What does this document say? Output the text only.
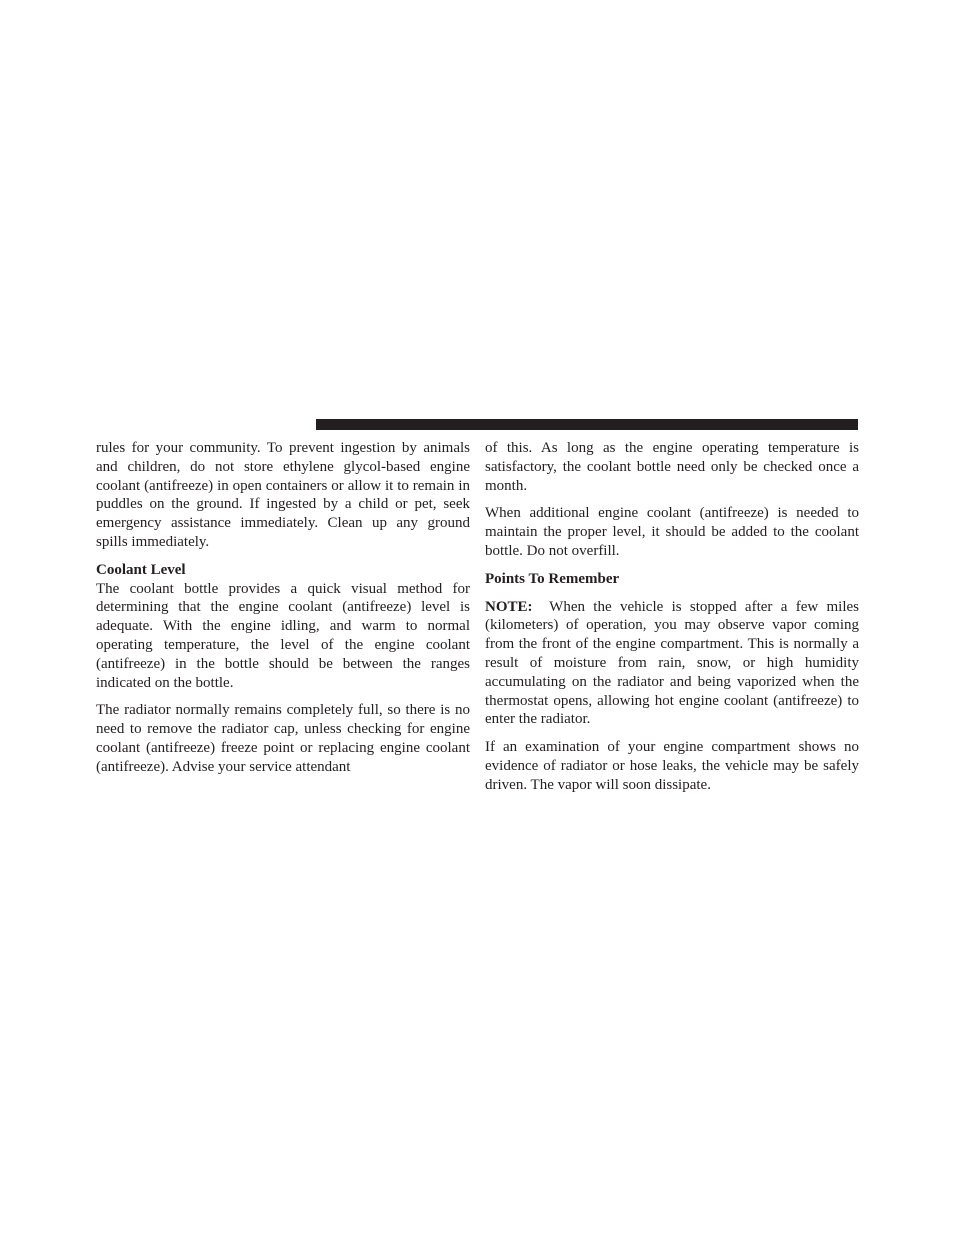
rules for your community. To prevent ingestion by animals and children, do not store ethylene glycol-based engine coolant (antifreeze) in open containers or allow it to remain in puddles on the ground. If ingested by a child or pet, seek emergency assistance immediately. Clean up any ground spills immediately.

Coolant Level

The coolant bottle provides a quick visual method for determining that the engine coolant (antifreeze) level is adequate. With the engine idling, and warm to normal operating temperature, the level of the engine coolant (antifreeze) in the bottle should be between the ranges indicated on the bottle.

The radiator normally remains completely full, so there is no need to remove the radiator cap, unless checking for engine coolant (antifreeze) freeze point or replacing engine coolant (antifreeze). Advise your service attendant

of this. As long as the engine operating temperature is satisfactory, the coolant bottle need only be checked once a month.

When additional engine coolant (antifreeze) is needed to maintain the proper level, it should be added to the coolant bottle. Do not overfill.

Points To Remember

NOTE: When the vehicle is stopped after a few miles (kilometers) of operation, you may observe vapor coming from the front of the engine compartment. This is normally a result of moisture from rain, snow, or high humidity accumulating on the radiator and being vaporized when the thermostat opens, allowing hot engine coolant (antifreeze) to enter the radiator.

If an examination of your engine compartment shows no evidence of radiator or hose leaks, the vehicle may be safely driven. The vapor will soon dissipate.
